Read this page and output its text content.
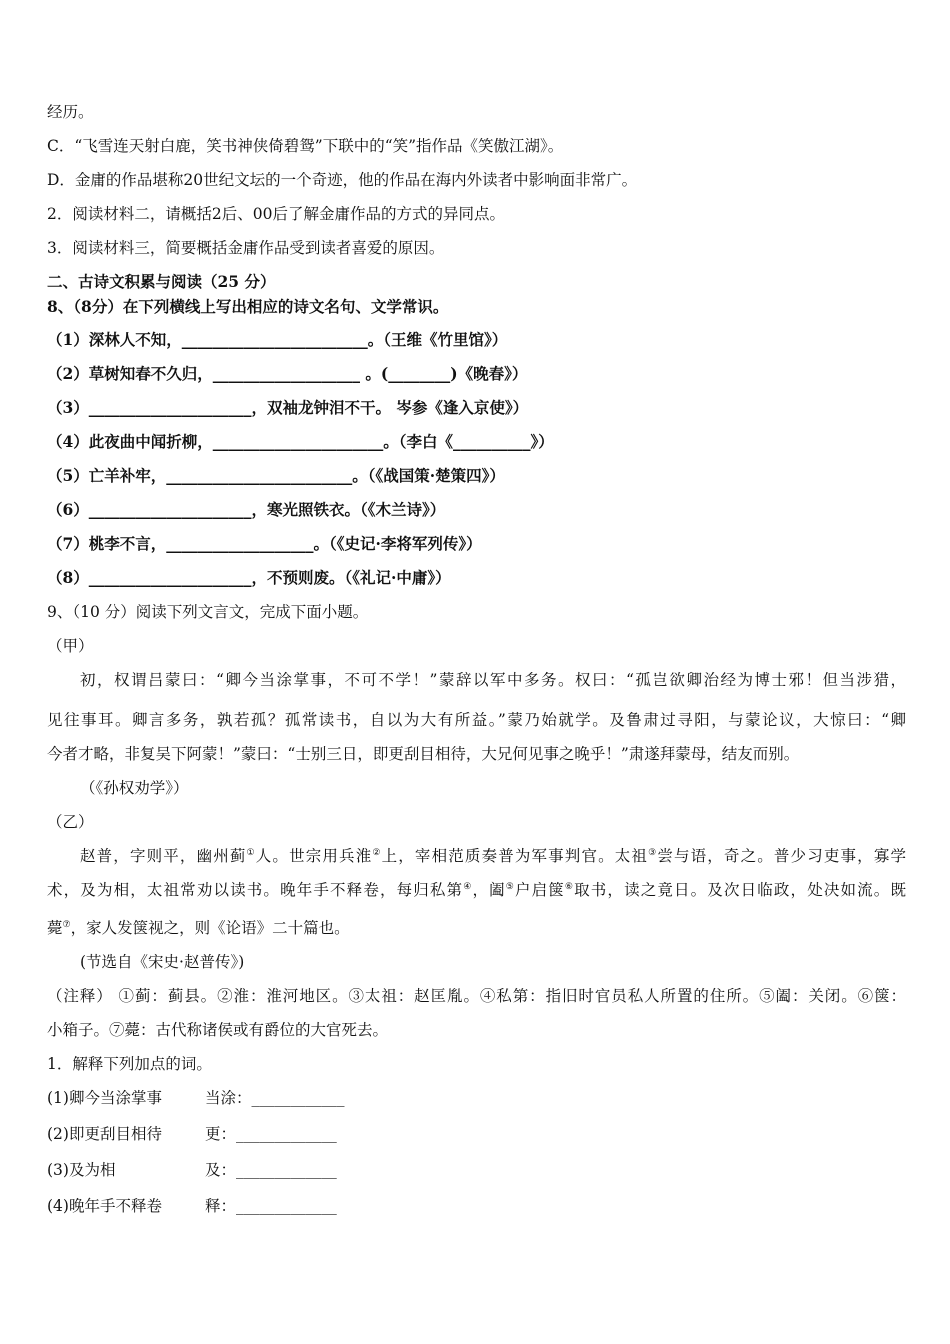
经历。
C．“飞雪连天射白鹿，笑书神侠倚碧鸳”下联中的“笑”指作品《笑傲江湖》。
D．金庸的作品堪称20世纪文坛的一个奇迹，他的作品在海内外读者中影响面非常广。
2．阅读材料二，请概括2后、00后了解金庸作品的方式的异同点。
3．阅读材料三，简要概括金庸作品受到读者喜爱的原因。
二、古诗文积累与阅读（25 分）
8、（8分）在下列横线上写出相应的诗文名句、文学常识。
（1）深林人不知，________________________。（王维《竹里馆》）
（2）草树知春不久归，___________________ 。(________)《晚春》）
（3）_____________________，双袖龙钟泪不干。 岑参《逢入京使》）
（4）此夜曲中闻折柳，______________________。（李白《__________》）
（5）亡羊补牢，________________________。（《战国策·楚策四》）
（6）_____________________，寒光照铁衣。（《木兰诗》）
（7）桃李不言，___________________。（《史记·李将军列传》）
（8）_____________________，不预则废。（《礼记·中庸》）
9、（10 分）阅读下列文言文，完成下面小题。
（甲）
初，权谓吕蒙曰：“卿今当涂掌事，不可不学！”蒙辞以军中多务。权曰：“孤岂欲卿治经为博士邪！但当涉猎，
见往事耳。卿言多务，孰若孤？孤常读书，自以为大有所益。”蒙乃始就学。及鲁肃过寻阳，与蒙论议，大惊曰：“卿
今者才略，非复吴下阿蒙！”蒙曰：“士别三日，即更刮目相待，大兄何见事之晚乎！”肃遂拜蒙母，结友而别。
（《孙权劝学》）
（乙）
赵普，字则平，幽州蓟①人。世宗用兵淮②上，宰相范质奏普为军事判官。太祖③尝与语，奇之。普少习吏事，寡学
术，及为相，太祖常劝以读书。晚年手不释卷，每归私第④，阖⑤户启箧⑥取书，读之竟日。及次日临政，处决如流。既
薨⑦，家人发箧视之，则《论语》二十篇也。
(节选自《宋史·赵普传》)
（注释） ①蓟：蓟县。②淮：淮河地区。③太祖：赵匡胤。④私第：指旧时官员私人所置的住所。⑤阖：关闭。⑥箧：
小箱子。⑦薨：古代称诸侯或有爵位的大官死去。
1．解释下列加点的词。
(1)卿今当涂掌事	当涂：____________
(2)即更刮目相待	更：_____________
(3)及为相	及：_____________
(4)晚年手不释卷	释：_____________
